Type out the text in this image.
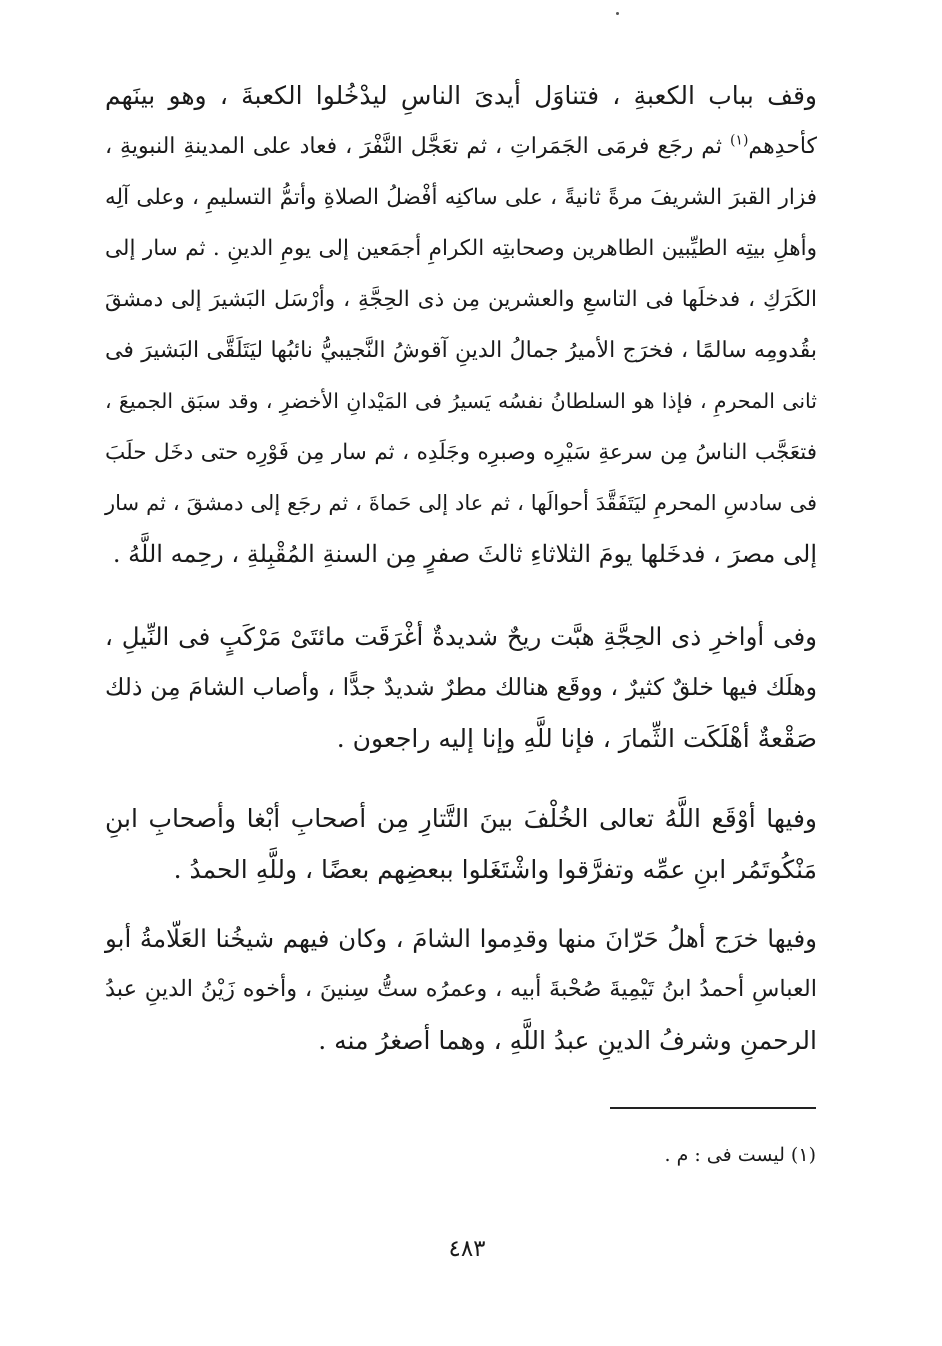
وقف بباب الكعبةِ ، فتناوَل أيدىَ الناسِ ليدْخُلوا الكعبةَ ، وهو بينَهم
كأحدِهم$^{(١)}$ ثم رجَع فرمَى الجَمَراتِ ، ثم تعَجَّل النَّفْرَ ، فعاد على المدينةِ النبويةِ ،
فزار القبرَ الشريفَ مرةً ثانيةً ، على ساكنِه أفْضلُ الصلاةِ وأتمُّ التسليمِ ، وعلى آلِه
وأهلِ بيتِه الطيِّبين الطاهرين وصحابتِه الكرامِ أجمَعين إلى يومِ الدينِ . ثم سار إلى
الكَرَكِ ، فدخلَها فى التاسعِ والعشرين مِن ذى الحِجَّةِ ، وأرْسَل البَشيرَ إلى دمشقَ
بقُدومِه سالمًا ، فخرَج الأميرُ جمالُ الدينِ آقوشُ النَّجيبيُّ نائبُها ليَتَلَقَّى البَشيرَ فى
ثانى المحرمِ ، فإذا هو السلطانُ نفسُه يَسيرُ فى المَيْدانِ الأخضرِ ، وقد سبَق الجميعَ ،
فتعَجَّب الناسُ مِن سرعةِ سَيْرِه وصبرِه وجَلَدِه ، ثم سار مِن فَوْرِه حتى دخَل حلَبَ
فى سادسِ المحرمِ ليَتَفَقَّدَ أحوالَها ، ثم عاد إلى حَماةَ ، ثم رجَع إلى دمشقَ ، ثم سار
إلى مصرَ ، فدخَلها يومَ الثلاثاءِ ثالثَ صفرٍ مِن السنةِ المُقْبِلةِ ، رحِمه اللَّهُ .
وفى أواخرِ ذى الحِجَّةِ هبَّت ريحٌ شديدةٌ أغْرَقَت مائتَىْ مَرْكَبٍ فى النِّيلِ ،
وهلَك فيها خلقٌ كثيرٌ ، ووقَع هنالك مطرٌ شديدٌ جدًّا ، وأصاب الشامَ مِن ذلك
صَقْعةٌ أهْلَكَت الثِّمارَ ، فإنا للَّهِ وإنا إليه راجعون .
وفيها أوْقَع اللَّهُ تعالى الخُلْفَ بينَ التَّتارِ مِن أصحابِ أبْغا وأصحابِ ابنِ
مَنْكُوتَمُر ابنِ عمِّه وتفرَّقوا واشْتَغَلوا ببعضِهم بعضًا ، وللَّهِ الحمدُ .
وفيها خرَج أهلُ حَرّانَ منها وقدِموا الشامَ ، وكان فيهم شيخُنا العَلّامةُ أبو
العباسِ أحمدُ ابنُ تَيْمِيةَ صُحْبةَ أبيه ، وعمرُه ستُّ سِنينَ ، وأخوه زَيْنُ الدينِ عبدُ
الرحمنِ وشرفُ الدينِ عبدُ اللَّهِ ، وهما أصغرُ منه .
(١) ليست فى : م .
٤٨٣
